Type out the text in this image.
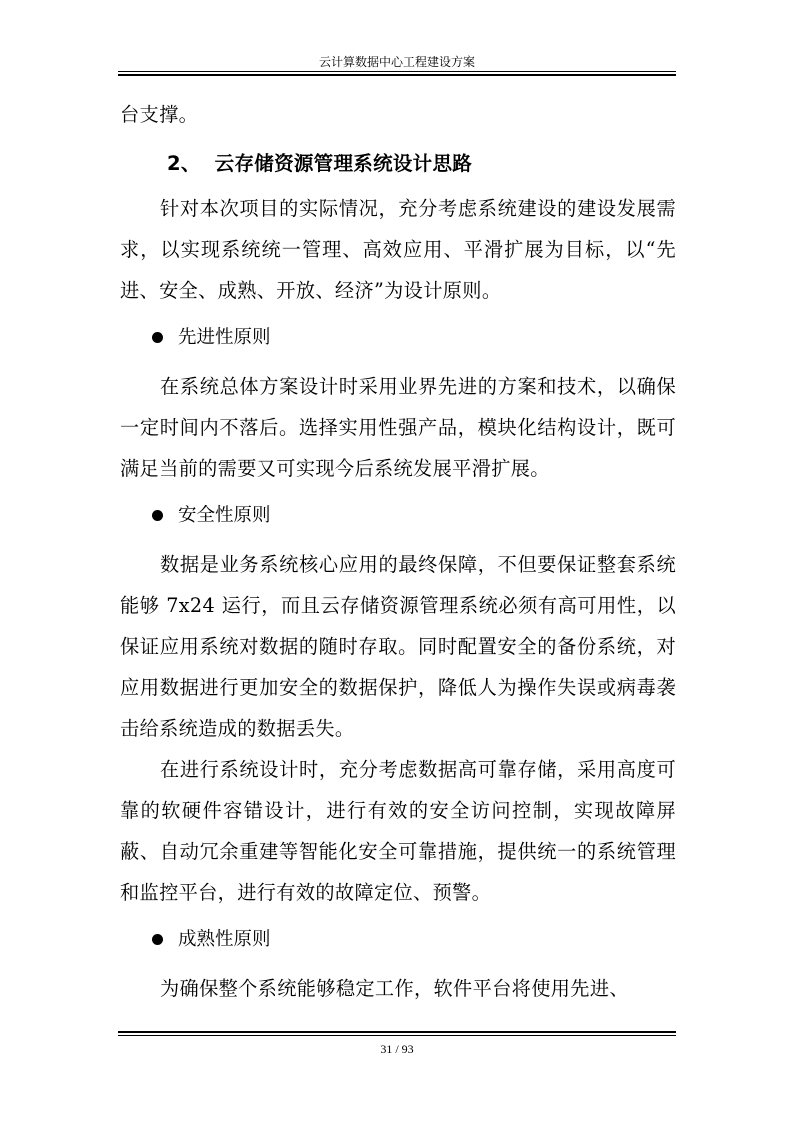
云计算数据中心工程建设方案

台支撑。

2、 云存储资源管理系统设计思路

针对本次项目的实际情况，充分考虑系统建设的建设发展需求，以实现系统统一管理、高效应用、平滑扩展为目标，以“先进、安全、成熟、开放、经济”为设计原则。

先进性原则

在系统总体方案设计时采用业界先进的方案和技术，以确保一定时间内不落后。选择实用性强产品，模块化结构设计，既可满足当前的需要又可实现今后系统发展平滑扩展。

安全性原则

数据是业务系统核心应用的最终保障，不但要保证整套系统能够 7x24 运行，而且云存储资源管理系统必须有高可用性，以保证应用系统对数据的随时存取。同时配置安全的备份系统，对应用数据进行更加安全的数据保护，降低人为操作失误或病毒袭击给系统造成的数据丢失。

在进行系统设计时，充分考虑数据高可靠存储，采用高度可靠的软硬件容错设计，进行有效的安全访问控制，实现故障屏蔽、自动冗余重建等智能化安全可靠措施，提供统一的系统管理和监控平台，进行有效的故障定位、预警。

成熟性原则

为确保整个系统能够稳定工作，软件平台将使用先进、

31 / 93
